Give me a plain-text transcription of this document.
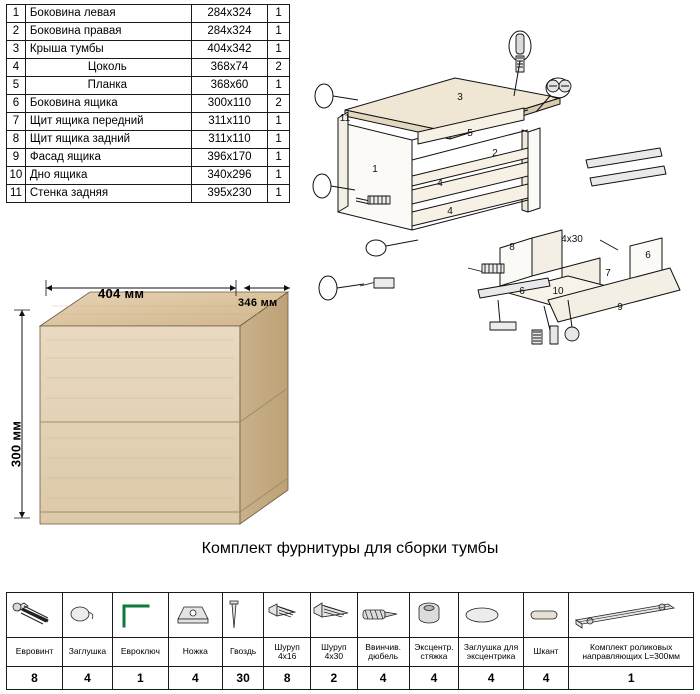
1	Боковина левая	284х324	1
2	Боковина правая	284х324	1
3	Крыша тумбы	404х342	1
4	Цоколь	368х74	2
5	Планка	368х60	1
6	Боковина ящика	300х110	2
7	Щит ящика передний	311х110	1
8	Щит ящика задний	311х110	1
9	Фасад ящика	396х170	1
10	Дно ящика	340х296	1
11	Стенка задняя	395х230	1
1
2
3
4
4
5
11
8
7
6
6	10
9
4х30
404 мм
346 мм
300 мм
Комплект фурнитуры для сборки тумбы

Евровинт	Заглушка	Евроключ	Ножка	Гвоздь	Шуруп 4х16	Шуруп 4х30	Ввинчив. дюбель	Эксцентр. стяжка	Заглушка для эксцентрика	Шкант	Комплект роликовых направляющих L=300мм
8	4	1	4	30	8	2	4	4	4	4	1
